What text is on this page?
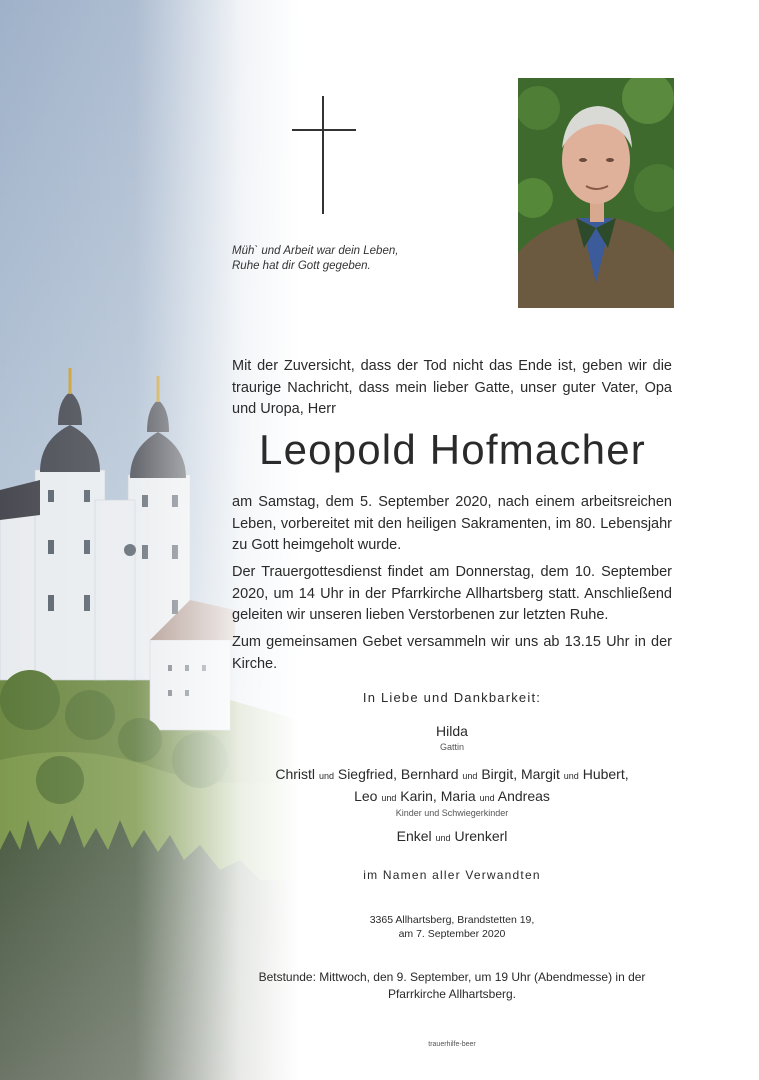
Müh` und Arbeit war dein Leben,
Ruhe hat dir Gott gegeben.
Mit der Zuversicht, dass der Tod nicht das Ende ist, geben wir die traurige Nachricht, dass mein lieber Gatte, unser guter Vater, Opa und Uropa, Herr
Leopold Hofmacher
am Samstag, dem 5. September 2020, nach einem arbeitsreichen Leben, vorbereitet mit den heiligen Sakramenten, im 80. Lebensjahr zu Gott heimgeholt wurde.
Der Trauergottesdienst findet am Donnerstag, dem 10. September 2020, um 14 Uhr in der Pfarrkirche Allhartsberg statt. Anschließend geleiten wir unseren lieben Verstorbenen zur letzten Ruhe.
Zum gemeinsamen Gebet versammeln wir uns ab 13.15 Uhr in der Kirche.
In Liebe und Dankbarkeit:
Hilda
Gattin
Christl und Siegfried, Bernhard und Birgit, Margit und Hubert,
Leo und Karin, Maria und Andreas
Kinder und Schwiegerkinder
Enkel und Urenkerl
im Namen aller Verwandten
3365 Allhartsberg, Brandstetten 19,
am 7. September 2020
Betstunde: Mittwoch, den 9. September, um 19 Uhr (Abendmesse) in der
Pfarrkirche Allhartsberg.
trauerhilfe-beer
